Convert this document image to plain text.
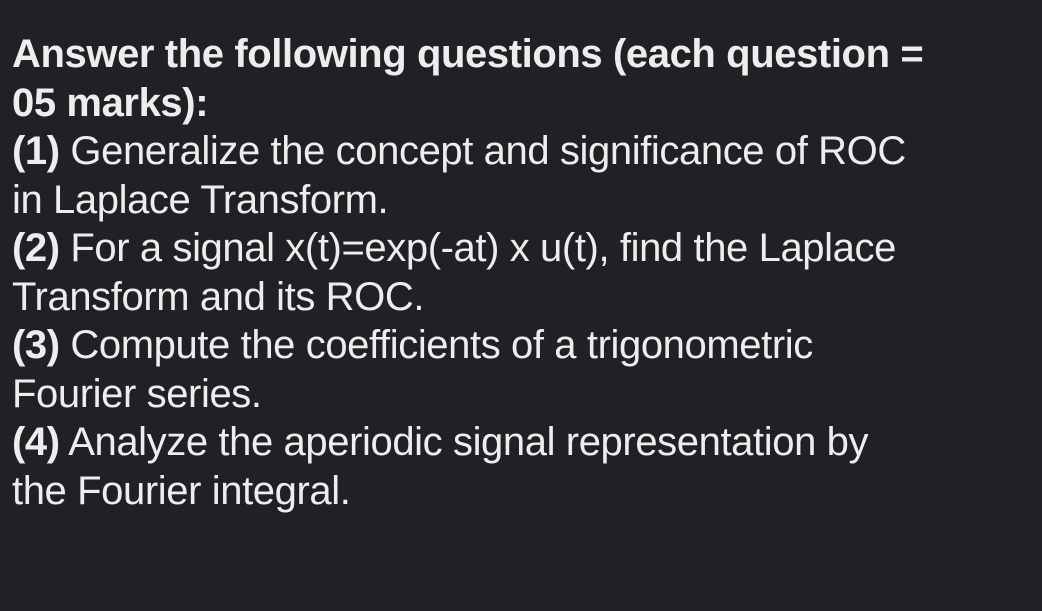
Answer the following questions (each question =
05 marks):
(1) Generalize the concept and significance of ROC
in Laplace Transform.
(2) For a signal x(t)=exp(-at) x u(t), find the Laplace
Transform and its ROC.
(3) Compute the coefficients of a trigonometric
Fourier series.
(4) Analyze the aperiodic signal representation by
the Fourier integral.
